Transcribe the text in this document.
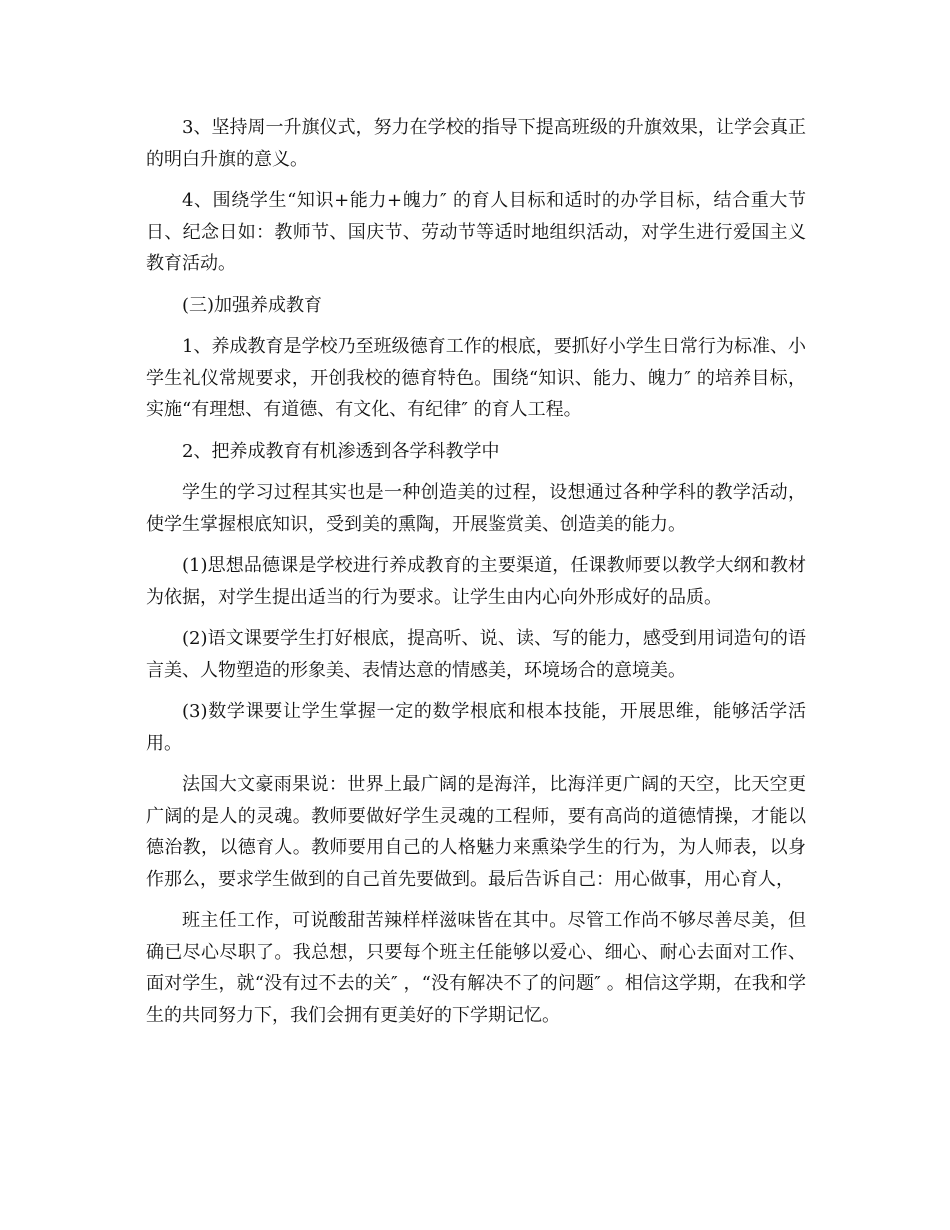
3、坚持周一升旗仪式，努力在学校的指导下提高班级的升旗效果，让学会真正的明白升旗的意义。

4、围绕学生“知识+能力+魄力″ 的育人目标和适时的办学目标，结合重大节日、纪念日如：教师节、国庆节、劳动节等适时地组织活动，对学生进行爱国主义教育活动。

(三)加强养成教育

1、养成教育是学校乃至班级德育工作的根底，要抓好小学生日常行为标准、小学生礼仪常规要求，开创我校的德育特色。围绕“知识、能力、魄力″ 的培养目标，实施“有理想、有道德、有文化、有纪律″ 的育人工程。

2、把养成教育有机渗透到各学科教学中

学生的学习过程其实也是一种创造美的过程，设想通过各种学科的教学活动，使学生掌握根底知识，受到美的熏陶，开展鉴赏美、创造美的能力。

(1)思想品德课是学校进行养成教育的主要渠道，任课教师要以教学大纲和教材为依据，对学生提出适当的行为要求。让学生由内心向外形成好的品质。

(2)语文课要学生打好根底，提高听、说、读、写的能力，感受到用词造句的语言美、人物塑造的形象美、表情达意的情感美，环境场合的意境美。

(3)数学课要让学生掌握一定的数学根底和根本技能，开展思维，能够活学活用。

法国大文豪雨果说：世界上最广阔的是海洋，比海洋更广阔的天空，比天空更广阔的是人的灵魂。教师要做好学生灵魂的工程师，要有高尚的道德情操，才能以德治教，以德育人。教师要用自己的人格魅力来熏染学生的行为，为人师表，以身作那么，要求学生做到的自己首先要做到。最后告诉自己：用心做事，用心育人，

班主任工作，可说酸甜苦辣样样滋味皆在其中。尽管工作尚不够尽善尽美，但确已尽心尽职了。我总想，只要每个班主任能够以爱心、细心、耐心去面对工作、面对学生，就“没有过不去的关″ ，“没有解决不了的问题″ 。相信这学期，在我和学生的共同努力下，我们会拥有更美好的下学期记忆。
